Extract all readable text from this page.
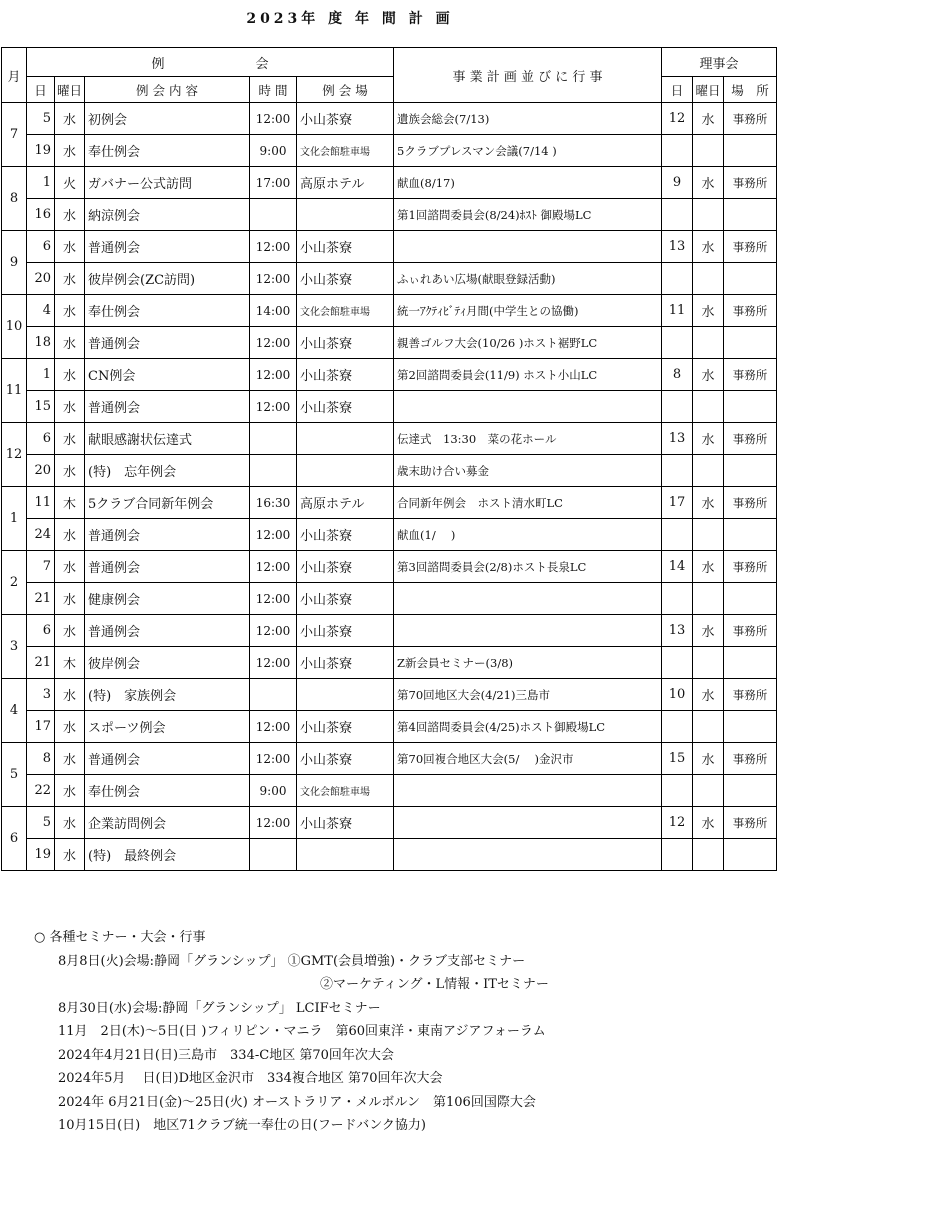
2023年 度 年 間 計 画
月	例　　　　　　　会					事 業 計 画 並 び に 行 事	理事会		
	日	曜日	例 会 内 容	時 間	例 会 場		日	曜日	場　所
7	5	水	初例会	12:00	小山茶寮	遺族会総会(7/13)	12	水	事務所
	19	水	奉仕例会	9:00	文化会館駐車場	5クラブプレスマン会議(7/14 )			
8	1	火	ガバナー公式訪問	17:00	高原ホテル	献血(8/17)	9	水	事務所
	16	水	納涼例会			第1回諮問委員会(8/24)ﾎｽﾄ 御殿場LC			
9	6	水	普通例会	12:00	小山茶寮		13	水	事務所
	20	水	彼岸例会(ZC訪問)	12:00	小山茶寮	ふぃれあい広場(献眼登録活動)			
10	4	水	奉仕例会	14:00	文化会館駐車場	統一ｱｸﾃｨﾋﾞﾃｨ月間(中学生との協働)	11	水	事務所
	18	水	普通例会	12:00	小山茶寮	親善ゴルフ大会(10/26 )ホスト裾野LC			
11	1	水	CN例会	12:00	小山茶寮	第2回諮問委員会(11/9) ホスト小山LC	8	水	事務所
	15	水	普通例会	12:00	小山茶寮				
12	6	水	献眼感謝状伝達式			伝達式　13:30　菜の花ホール	13	水	事務所
	20	水	(特)　忘年例会			歳末助け合い募金			
1	11	木	5クラブ合同新年例会	16:30	高原ホテル	合同新年例会　ホスト清水町LC	17	水	事務所
	24	水	普通例会	12:00	小山茶寮	献血(1/　 )			
2	7	水	普通例会	12:00	小山茶寮	第3回諮問委員会(2/8)ホスト長泉LC	14	水	事務所
	21	水	健康例会	12:00	小山茶寮				
3	6	水	普通例会	12:00	小山茶寮		13	水	事務所
	21	木	彼岸例会	12:00	小山茶寮	Z新会員セミナー(3/8)			
4	3	水	(特)　家族例会			第70回地区大会(4/21)三島市	10	水	事務所
	17	水	スポーツ例会	12:00	小山茶寮	第4回諮問委員会(4/25)ホスト御殿場LC			
5	8	水	普通例会	12:00	小山茶寮	第70回複合地区大会(5/　 )金沢市	15	水	事務所
	22	水	奉仕例会	9:00	文化会館駐車場				
6	5	水	企業訪問例会	12:00	小山茶寮		12	水	事務所
	19	水	(特)　最終例会						
○ 各種セミナー・大会・行事
8月8日(火)会場:静岡「グランシップ」 ①GMT(会員増強)・クラブ支部セミナー
②マーケティング・L情報・ITセミナー
8月30日(水)会場:静岡「グランシップ」 LCIFセミナー
11月　2日(木)～5日(日 )フィリピン・マニラ　第60回東洋・東南アジアフォーラム
2024年4月21日(日)三島市　334-C地区 第70回年次大会
2024年5月　 日(日)D地区金沢市　334複合地区 第70回年次大会
2024年 6月21日(金)～25日(火) オーストラリア・メルボルン　第106回国際大会
10月15日(日)　地区71クラブ統一奉仕の日(フードバンク協力)
